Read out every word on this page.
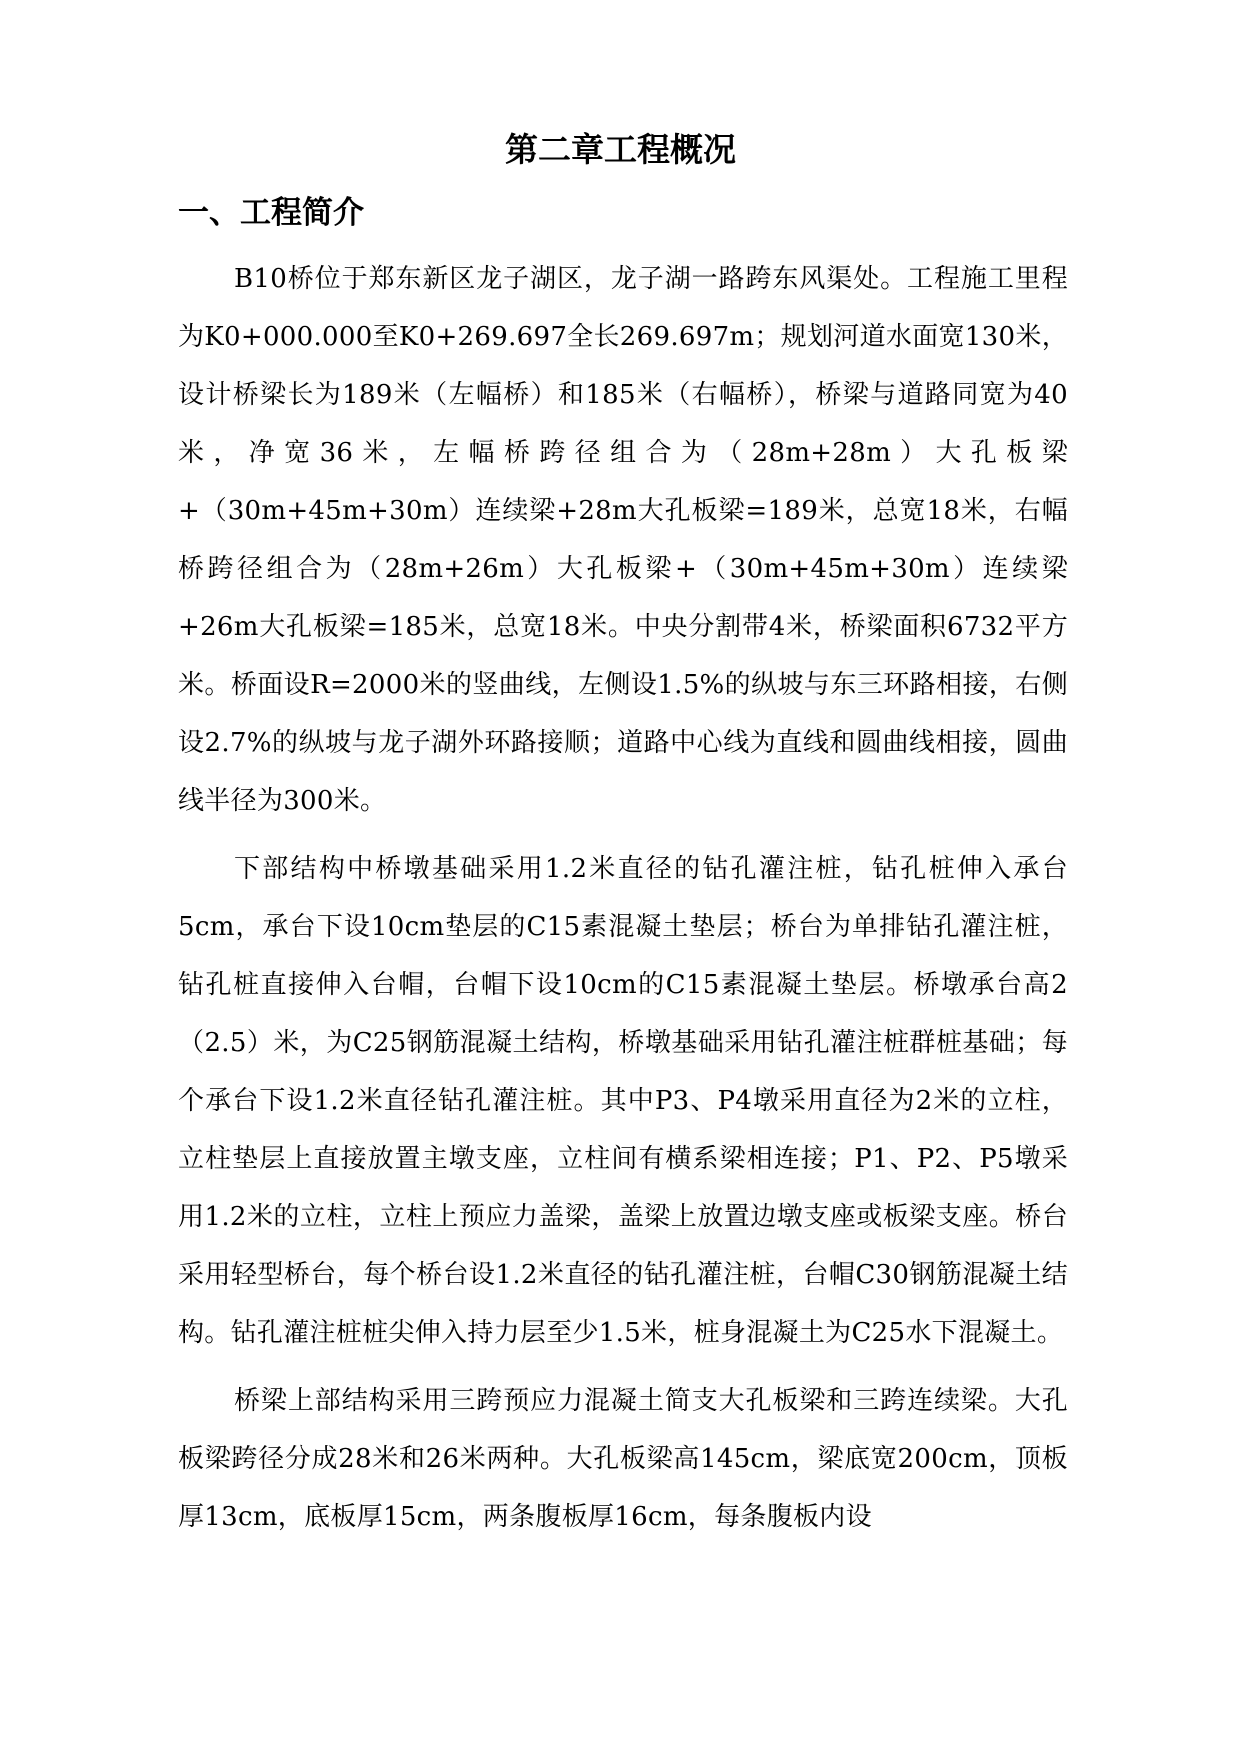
第二章工程概况
一、工程简介

B10桥位于郑东新区龙子湖区，龙子湖一路跨东风渠处。工程施工里程为K0+000.000至K0+269.697全长269.697m；规划河道水面宽130米，设计桥梁长为189米（左幅桥）和185米（右幅桥），桥梁与道路同宽为40米，净宽36米，左幅桥跨径组合为（28m+28m）大孔板梁+（30m+45m+30m）连续梁+28m大孔板梁=189米，总宽18米，右幅桥跨径组合为（28m+26m）大孔板梁+（30m+45m+30m）连续梁+26m大孔板梁=185米，总宽18米。中央分割带4米，桥梁面积6732平方米。桥面设R=2000米的竖曲线，左侧设1.5%的纵坡与东三环路相接，右侧设2.7%的纵坡与龙子湖外环路接顺；道路中心线为直线和圆曲线相接，圆曲线半径为300米。

下部结构中桥墩基础采用1.2米直径的钻孔灌注桩，钻孔桩伸入承台5cm，承台下设10cm垫层的C15素混凝土垫层；桥台为单排钻孔灌注桩，钻孔桩直接伸入台帽，台帽下设10cm的C15素混凝土垫层。桥墩承台高2（2.5）米，为C25钢筋混凝土结构，桥墩基础采用钻孔灌注桩群桩基础；每个承台下设1.2米直径钻孔灌注桩。其中P3、P4墩采用直径为2米的立柱，立柱垫层上直接放置主墩支座，立柱间有横系梁相连接；P1、P2、P5墩采用1.2米的立柱，立柱上预应力盖梁，盖梁上放置边墩支座或板梁支座。桥台采用轻型桥台，每个桥台设1.2米直径的钻孔灌注桩，台帽C30钢筋混凝土结构。钻孔灌注桩桩尖伸入持力层至少1.5米，桩身混凝土为C25水下混凝土。

桥梁上部结构采用三跨预应力混凝土简支大孔板梁和三跨连续梁。大孔板梁跨径分成28米和26米两种。大孔板梁高145cm，梁底宽200cm，顶板厚13cm，底板厚15cm，两条腹板厚16cm，每条腹板内设
